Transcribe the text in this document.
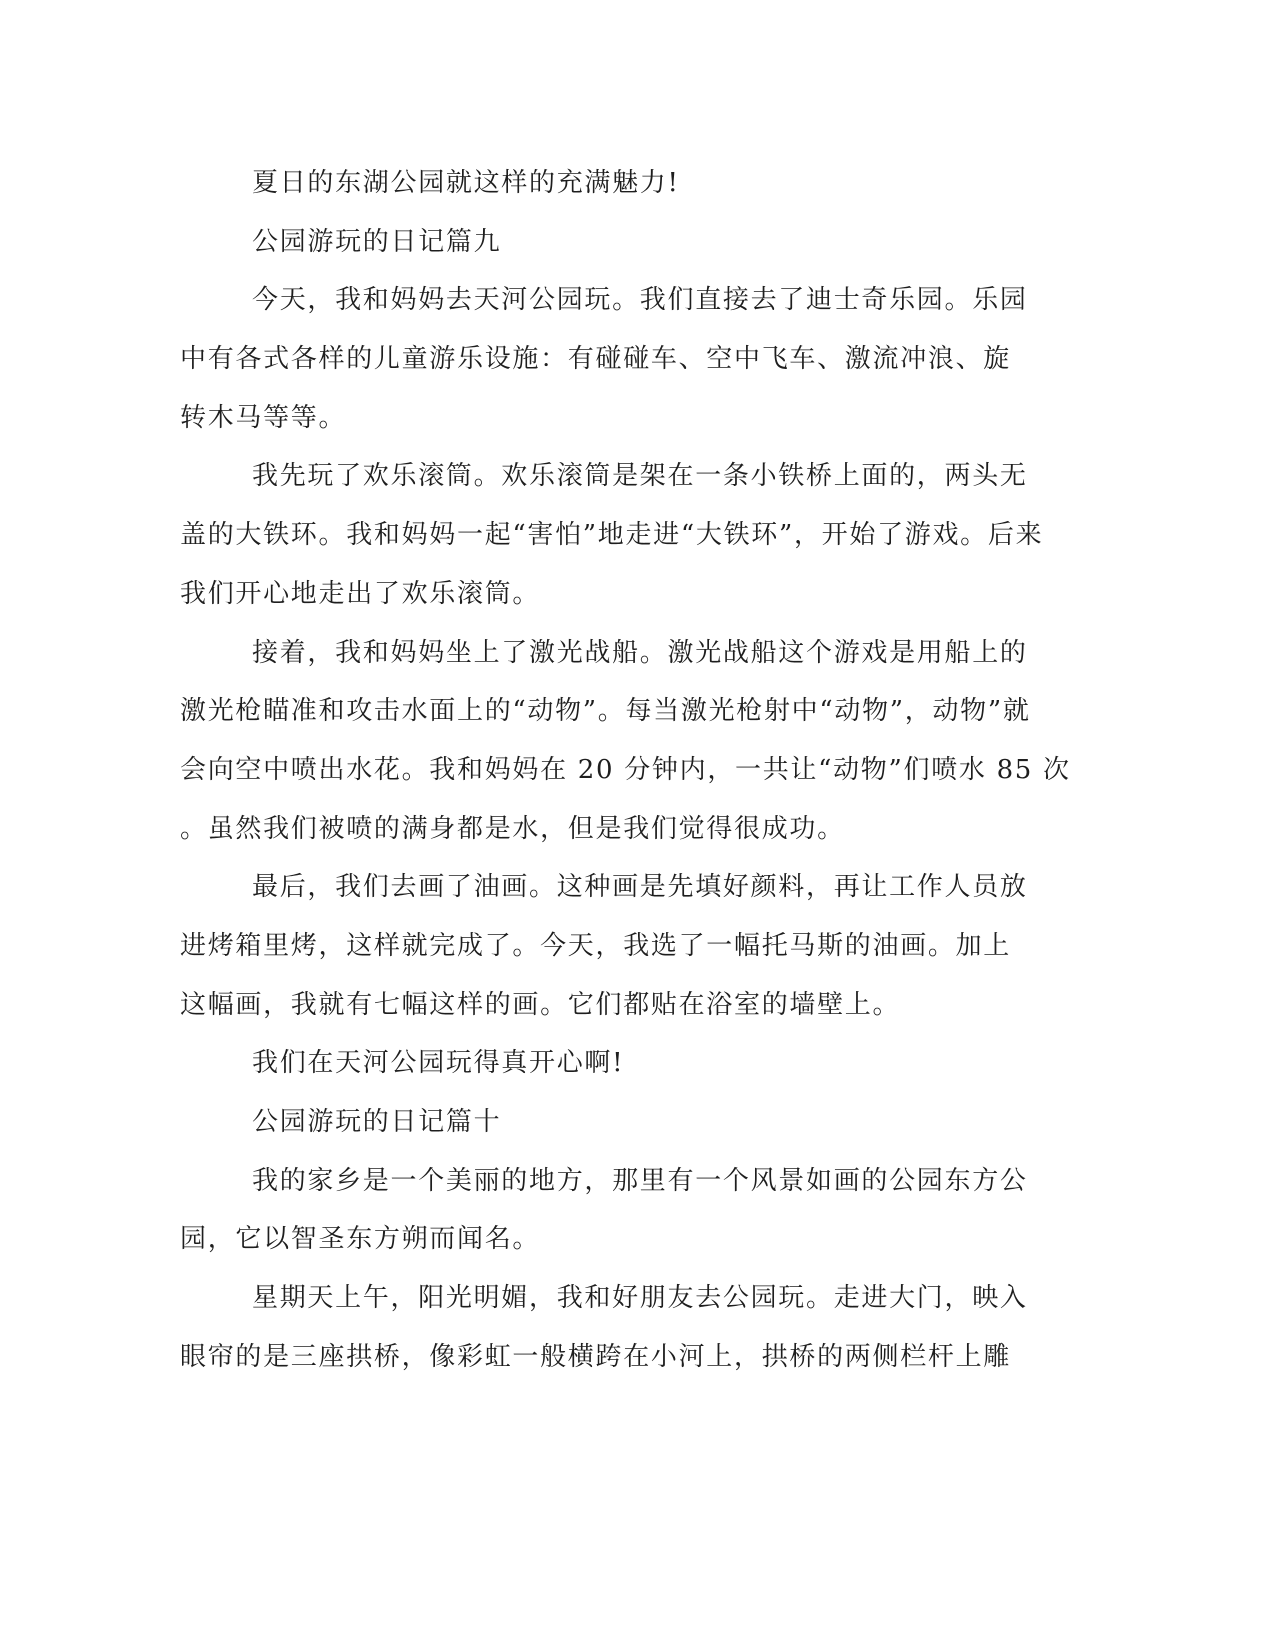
夏日的东湖公园就这样的充满魅力!
公园游玩的日记篇九
今天，我和妈妈去天河公园玩。我们直接去了迪士奇乐园。乐园
中有各式各样的儿童游乐设施：有碰碰车、空中飞车、激流冲浪、旋
转木马等等。
我先玩了欢乐滚筒。欢乐滚筒是架在一条小铁桥上面的，两头无
盖的大铁环。我和妈妈一起“害怕”地走进“大铁环”，开始了游戏。后来
我们开心地走出了欢乐滚筒。
接着，我和妈妈坐上了激光战船。激光战船这个游戏是用船上的
激光枪瞄准和攻击水面上的“动物”。每当激光枪射中“动物”，动物”就
会向空中喷出水花。我和妈妈在 20 分钟内，一共让“动物”们喷水 85 次
。虽然我们被喷的满身都是水，但是我们觉得很成功。
最后，我们去画了油画。这种画是先填好颜料，再让工作人员放
进烤箱里烤，这样就完成了。今天，我选了一幅托马斯的油画。加上
这幅画，我就有七幅这样的画。它们都贴在浴室的墙壁上。
我们在天河公园玩得真开心啊!
公园游玩的日记篇十
我的家乡是一个美丽的地方，那里有一个风景如画的公园东方公
园，它以智圣东方朔而闻名。
星期天上午，阳光明媚，我和好朋友去公园玩。走进大门，映入
眼帘的是三座拱桥，像彩虹一般横跨在小河上，拱桥的两侧栏杆上雕
